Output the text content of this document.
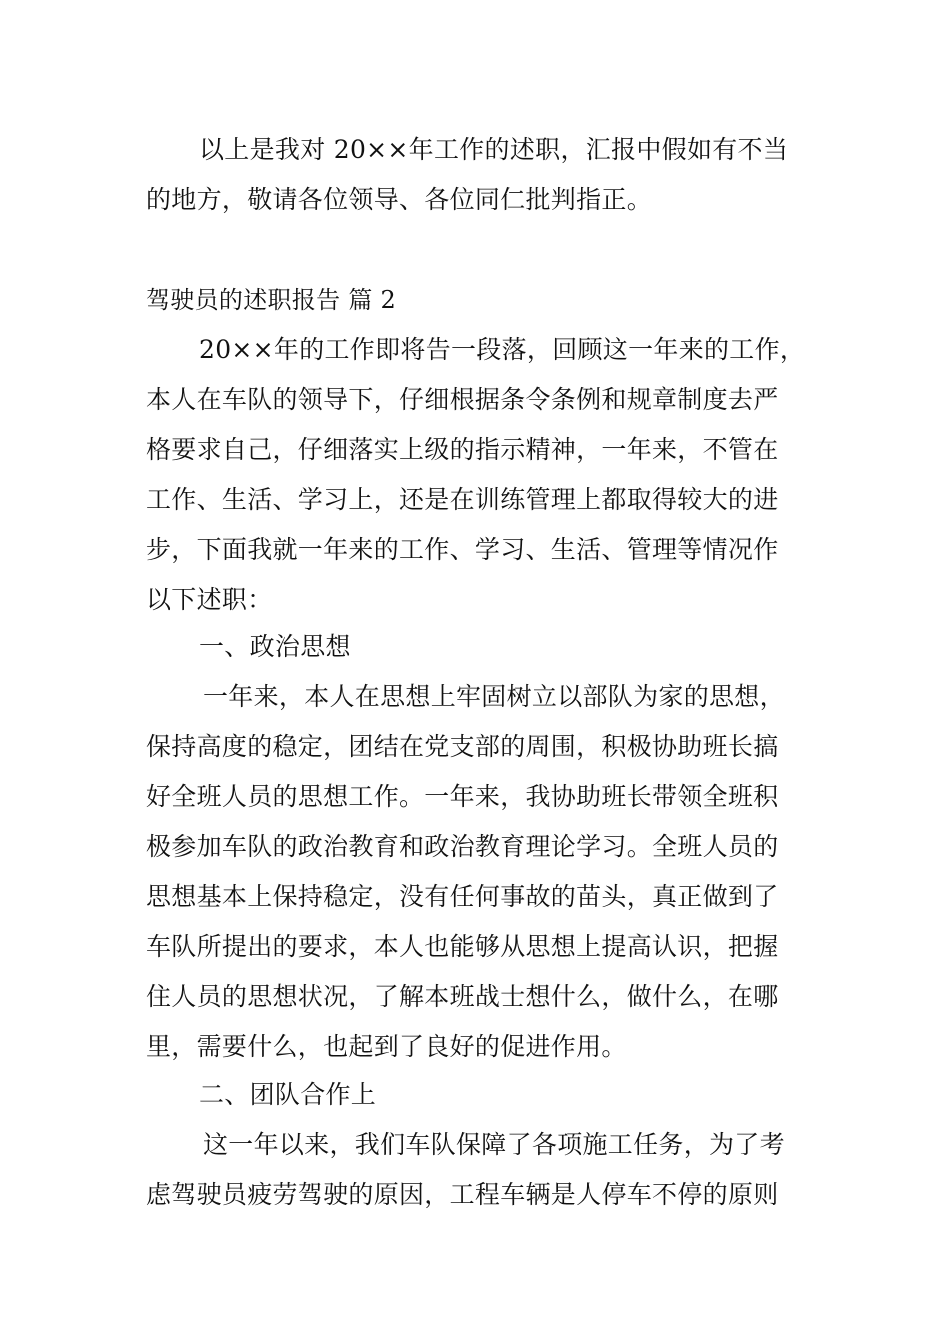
以上是我对 20××年工作的述职，汇报中假如有不当
的地方，敬请各位领导、各位同仁批判指正。
驾驶员的述职报告 篇 2
20××年的工作即将告一段落，回顾这一年来的工作，
本人在车队的领导下，仔细根据条令条例和规章制度去严
格要求自己，仔细落实上级的指示精神，一年来，不管在
工作、生活、学习上，还是在训练管理上都取得较大的进
步，下面我就一年来的工作、学习、生活、管理等情况作
以下述职：
一、政治思想
一年来，本人在思想上牢固树立以部队为家的思想，
保持高度的稳定，团结在党支部的周围，积极协助班长搞
好全班人员的思想工作。一年来，我协助班长带领全班积
极参加车队的政治教育和政治教育理论学习。全班人员的
思想基本上保持稳定，没有任何事故的苗头，真正做到了
车队所提出的要求，本人也能够从思想上提高认识，把握
住人员的思想状况，了解本班战士想什么，做什么，在哪
里，需要什么，也起到了良好的促进作用。
二、团队合作上
这一年以来，我们车队保障了各项施工任务，为了考
虑驾驶员疲劳驾驶的原因，工程车辆是人停车不停的原则
